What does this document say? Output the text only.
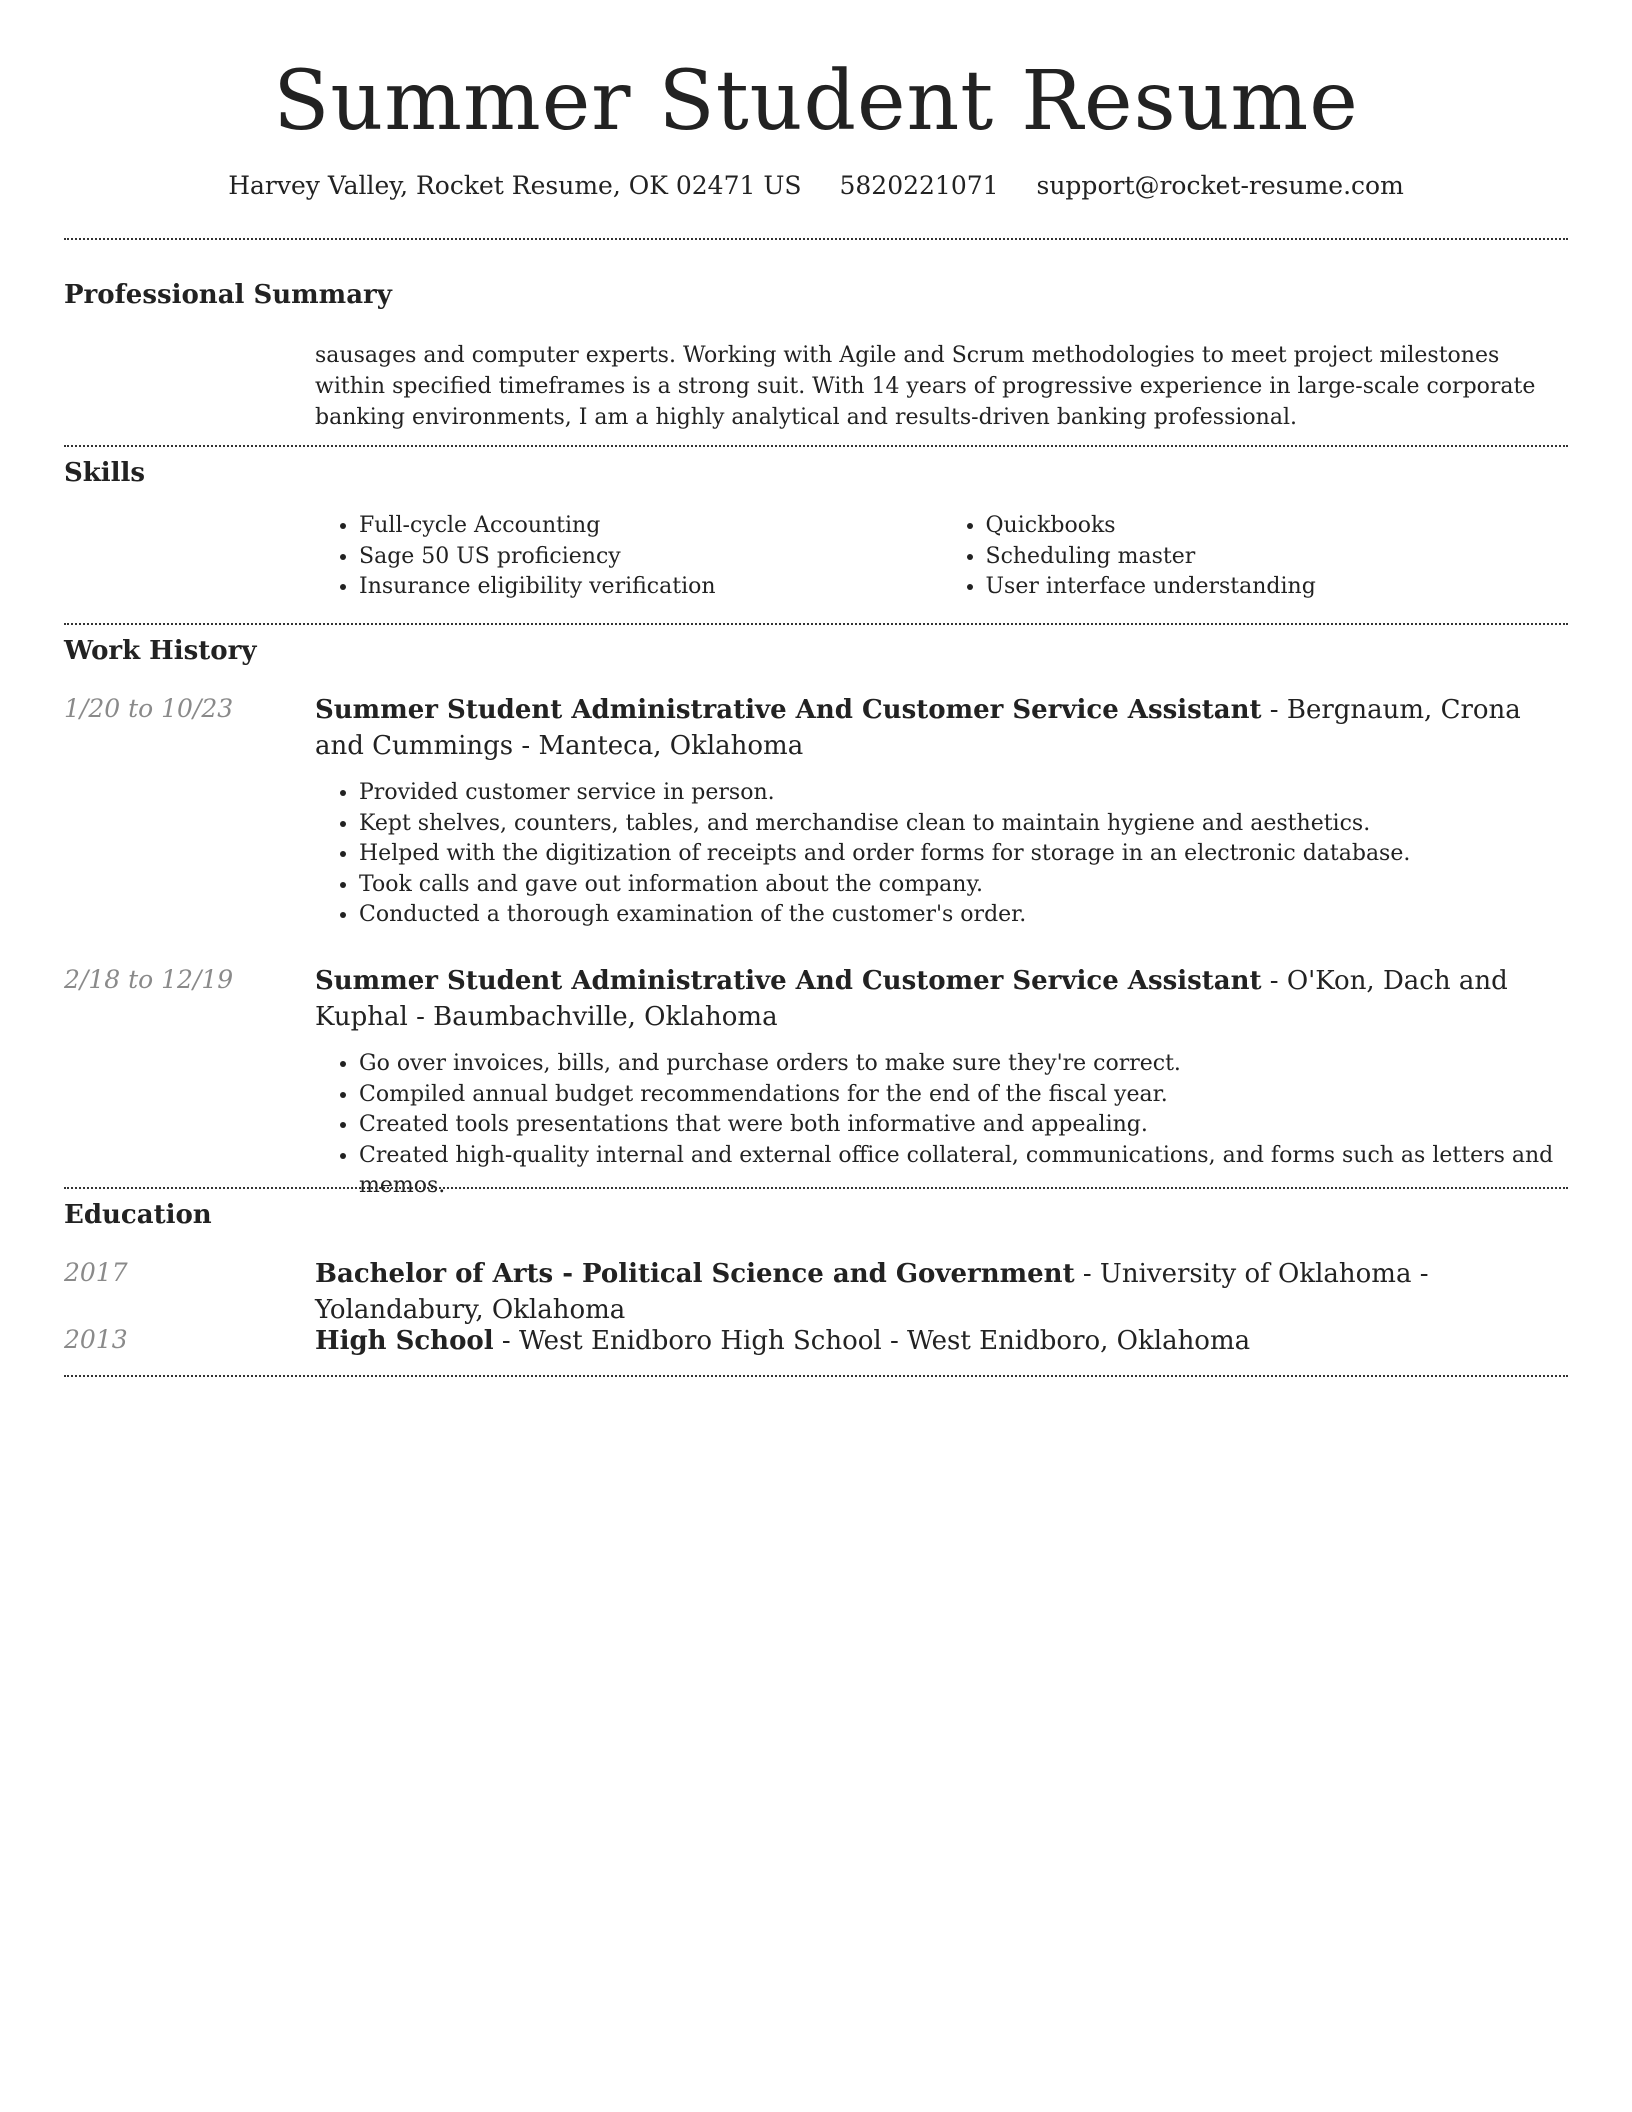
Summer Student Resume
Harvey Valley, Rocket Resume, OK 02471 US 5820221071 support@rocket-resume.com
Professional Summary

sausages and computer experts. Working with Agile and Scrum methodologies to meet project milestones within specified timeframes is a strong suit. With 14 years of progressive experience in large-scale corporate banking environments, I am a highly analytical and results-driven banking professional.

Skills
• Full-cycle Accounting
• Sage 50 US proficiency
• Insurance eligibility verification
• Quickbooks
• Scheduling master
• User interface understanding
Work History
1/20 to 10/23	Summer Student Administrative And Customer Service Assistant - Bergnaum, Crona and Cummings - Manteca, Oklahoma

• Provided customer service in person.
• Kept shelves, counters, tables, and merchandise clean to maintain hygiene and aesthetics.
• Helped with the digitization of receipts and order forms for storage in an electronic database.
• Took calls and gave out information about the company.
• Conducted a thorough examination of the customer's order.
2/18 to 12/19	Summer Student Administrative And Customer Service Assistant - O'Kon, Dach and Kuphal - Baumbachville, Oklahoma

• Go over invoices, bills, and purchase orders to make sure they're correct.
• Compiled annual budget recommendations for the end of the fiscal year.
• Created tools presentations that were both informative and appealing.
• Created high-quality internal and external office collateral, communications, and forms such as letters and memos.
Education
2017	Bachelor of Arts - Political Science and Government - University of Oklahoma - Yolandabury, Oklahoma

2013	High School - West Enidboro High School - West Enidboro, Oklahoma
